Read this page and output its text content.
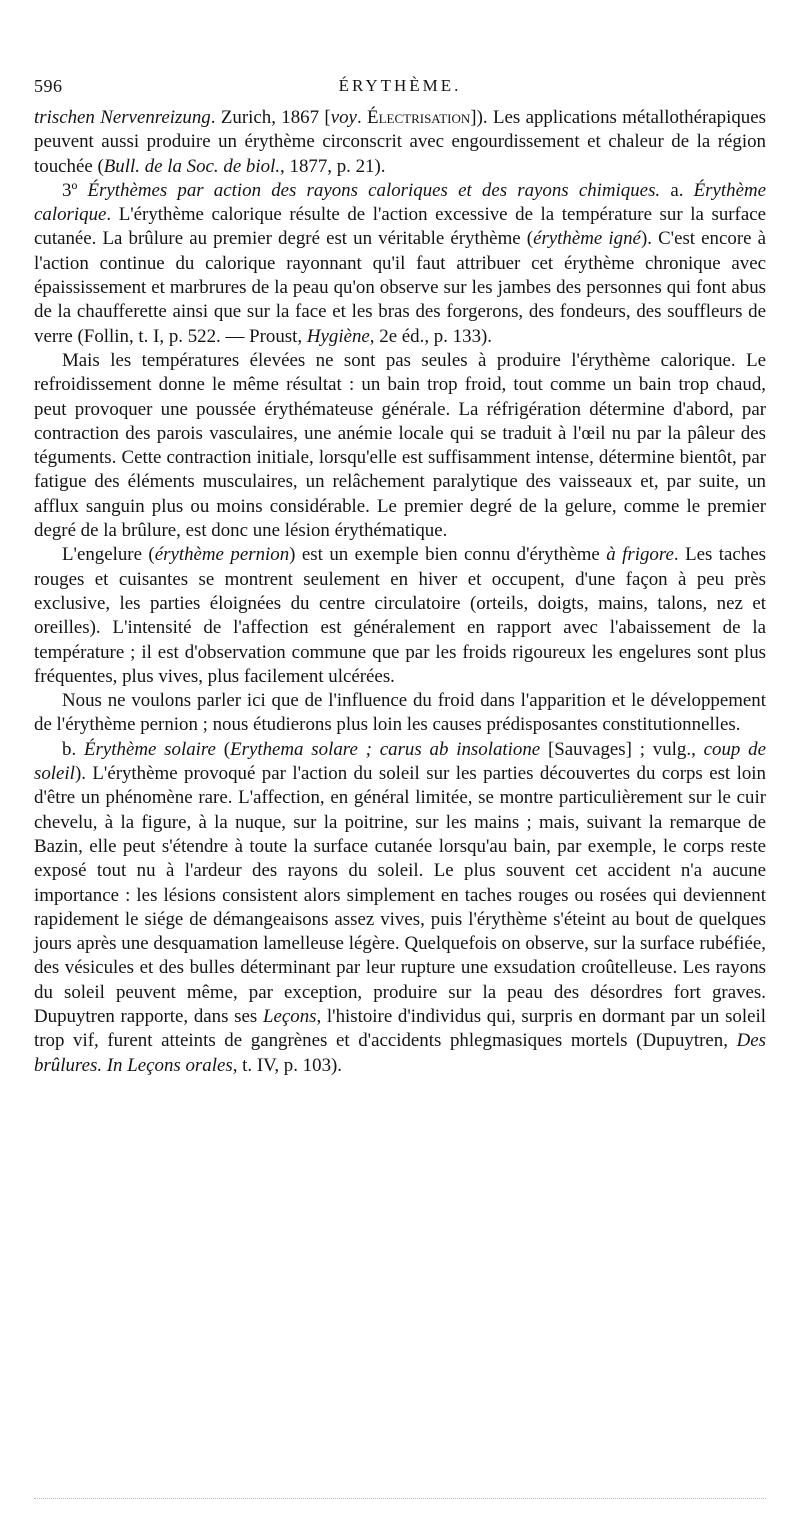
596	ÉRYTHÈME.

trischen Nervenreizung. Zurich, 1867 [voy. Électrisation]). Les applications métallothérapiques peuvent aussi produire un érythème circonscrit avec engourdissement et chaleur de la région touchée (Bull. de la Soc. de biol., 1877, p. 21).

3º Érythèmes par action des rayons caloriques et des rayons chimiques. a. Érythème calorique. L'érythème calorique résulte de l'action excessive de la température sur la surface cutanée. La brûlure au premier degré est un véritable érythème (érythème igné). C'est encore à l'action continue du calorique rayonnant qu'il faut attribuer cet érythème chronique avec épaississement et marbrures de la peau qu'on observe sur les jambes des personnes qui font abus de la chaufferette ainsi que sur la face et les bras des forgerons, des fondeurs, des souffleurs de verre (Follin, t. I, p. 522. — Proust, Hygiène, 2e éd., p. 133).

Mais les températures élevées ne sont pas seules à produire l'érythème calorique. Le refroidissement donne le même résultat : un bain trop froid, tout comme un bain trop chaud, peut provoquer une poussée érythémateuse générale. La réfrigération détermine d'abord, par contraction des parois vasculaires, une anémie locale qui se traduit à l'œil nu par la pâleur des téguments. Cette contraction initiale, lorsqu'elle est suffisamment intense, détermine bientôt, par fatigue des éléments musculaires, un relâchement paralytique des vaisseaux et, par suite, un afflux sanguin plus ou moins considérable. Le premier degré de la gelure, comme le premier degré de la brûlure, est donc une lésion érythématique.

L'engelure (érythème pernion) est un exemple bien connu d'érythème à frigore. Les taches rouges et cuisantes se montrent seulement en hiver et occupent, d'une façon à peu près exclusive, les parties éloignées du centre circulatoire (orteils, doigts, mains, talons, nez et oreilles). L'intensité de l'affection est généralement en rapport avec l'abaissement de la température ; il est d'observation commune que par les froids rigoureux les engelures sont plus fréquentes, plus vives, plus facilement ulcérées.

Nous ne voulons parler ici que de l'influence du froid dans l'apparition et le développement de l'érythème pernion ; nous étudierons plus loin les causes prédisposantes constitutionnelles.

b. Érythème solaire (Erythema solare ; carus ab insolatione [Sauvages] ; vulg., coup de soleil). L'érythème provoqué par l'action du soleil sur les parties découvertes du corps est loin d'être un phénomène rare. L'affection, en général limitée, se montre particulièrement sur le cuir chevelu, à la figure, à la nuque, sur la poitrine, sur les mains ; mais, suivant la remarque de Bazin, elle peut s'étendre à toute la surface cutanée lorsqu'au bain, par exemple, le corps reste exposé tout nu à l'ardeur des rayons du soleil. Le plus souvent cet accident n'a aucune importance : les lésions consistent alors simplement en taches rouges ou rosées qui deviennent rapidement le siége de démangeaisons assez vives, puis l'érythème s'éteint au bout de quelques jours après une desquamation lamelleuse légère. Quelquefois on observe, sur la surface rubéfiée, des vésicules et des bulles déterminant par leur rupture une exsudation croûtelleuse. Les rayons du soleil peuvent même, par exception, produire sur la peau des désordres fort graves. Dupuytren rapporte, dans ses Leçons, l'histoire d'individus qui, surpris en dormant par un soleil trop vif, furent atteints de gangrènes et d'accidents phlegmasiques mortels (Dupuytren, Des brûlures. In Leçons orales, t. IV, p. 103).
